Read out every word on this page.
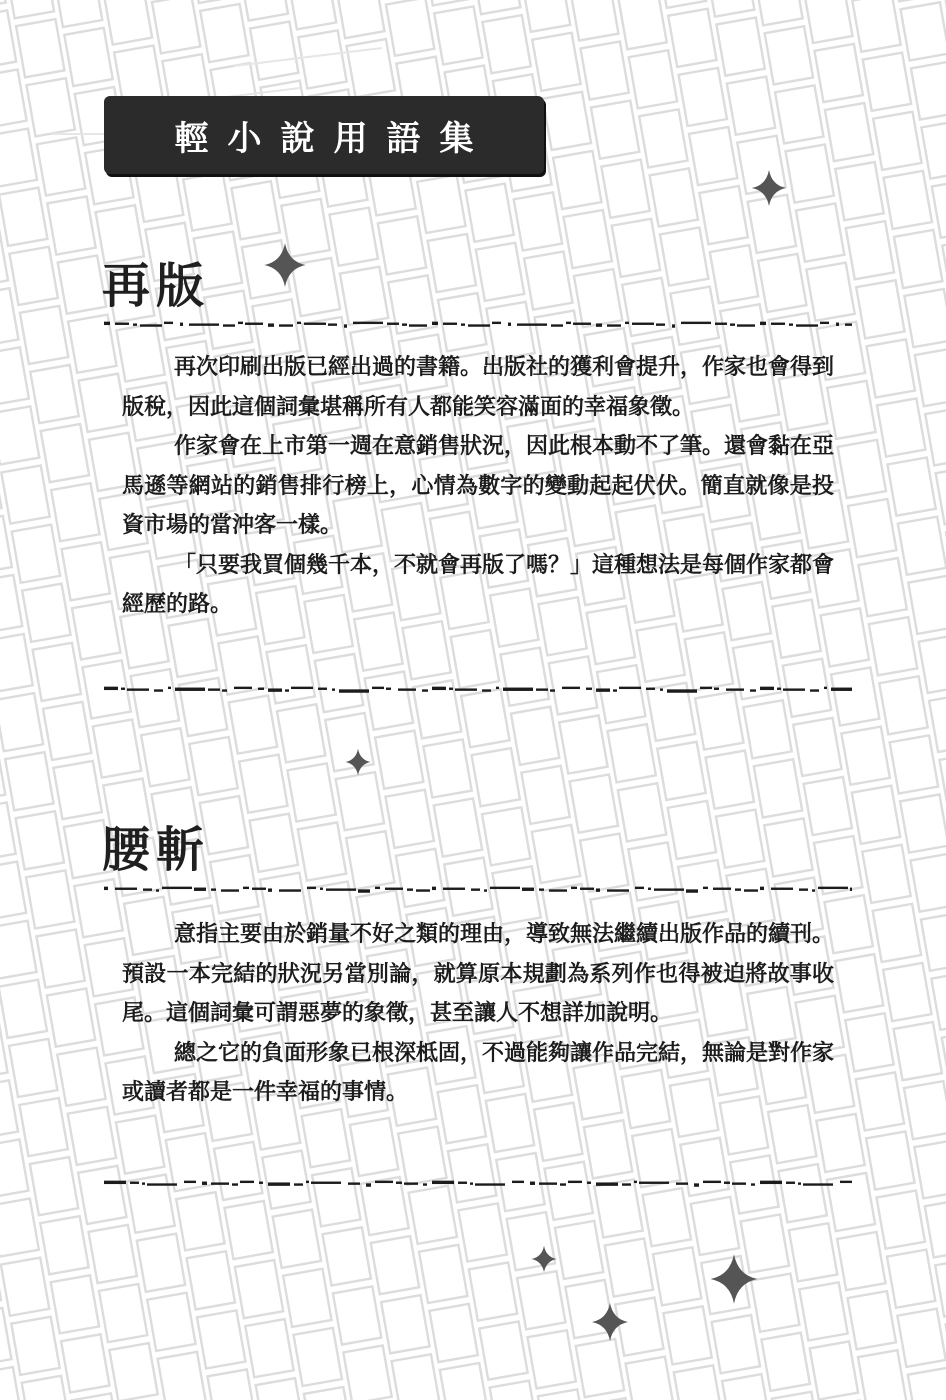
輕小說用語集
再版

再次印刷出版已經出過的書籍。出版社的獲利會提升，作家也會得到版稅，因此這個詞彙堪稱所有人都能笑容滿面的幸福象徵。

作家會在上市第一週在意銷售狀況，因此根本動不了筆。還會黏在亞馬遜等網站的銷售排行榜上，心情為數字的變動起起伏伏。簡直就像是投資市場的當沖客一樣。

「只要我買個幾千本，不就會再版了嗎？」這種想法是每個作家都會經歷的路。

腰斬

意指主要由於銷量不好之類的理由，導致無法繼續出版作品的續刊。預設一本完結的狀況另當別論，就算原本規劃為系列作也得被迫將故事收尾。這個詞彙可謂惡夢的象徵，甚至讓人不想詳加說明。

總之它的負面形象已根深柢固，不過能夠讓作品完結，無論是對作家或讀者都是一件幸福的事情。
